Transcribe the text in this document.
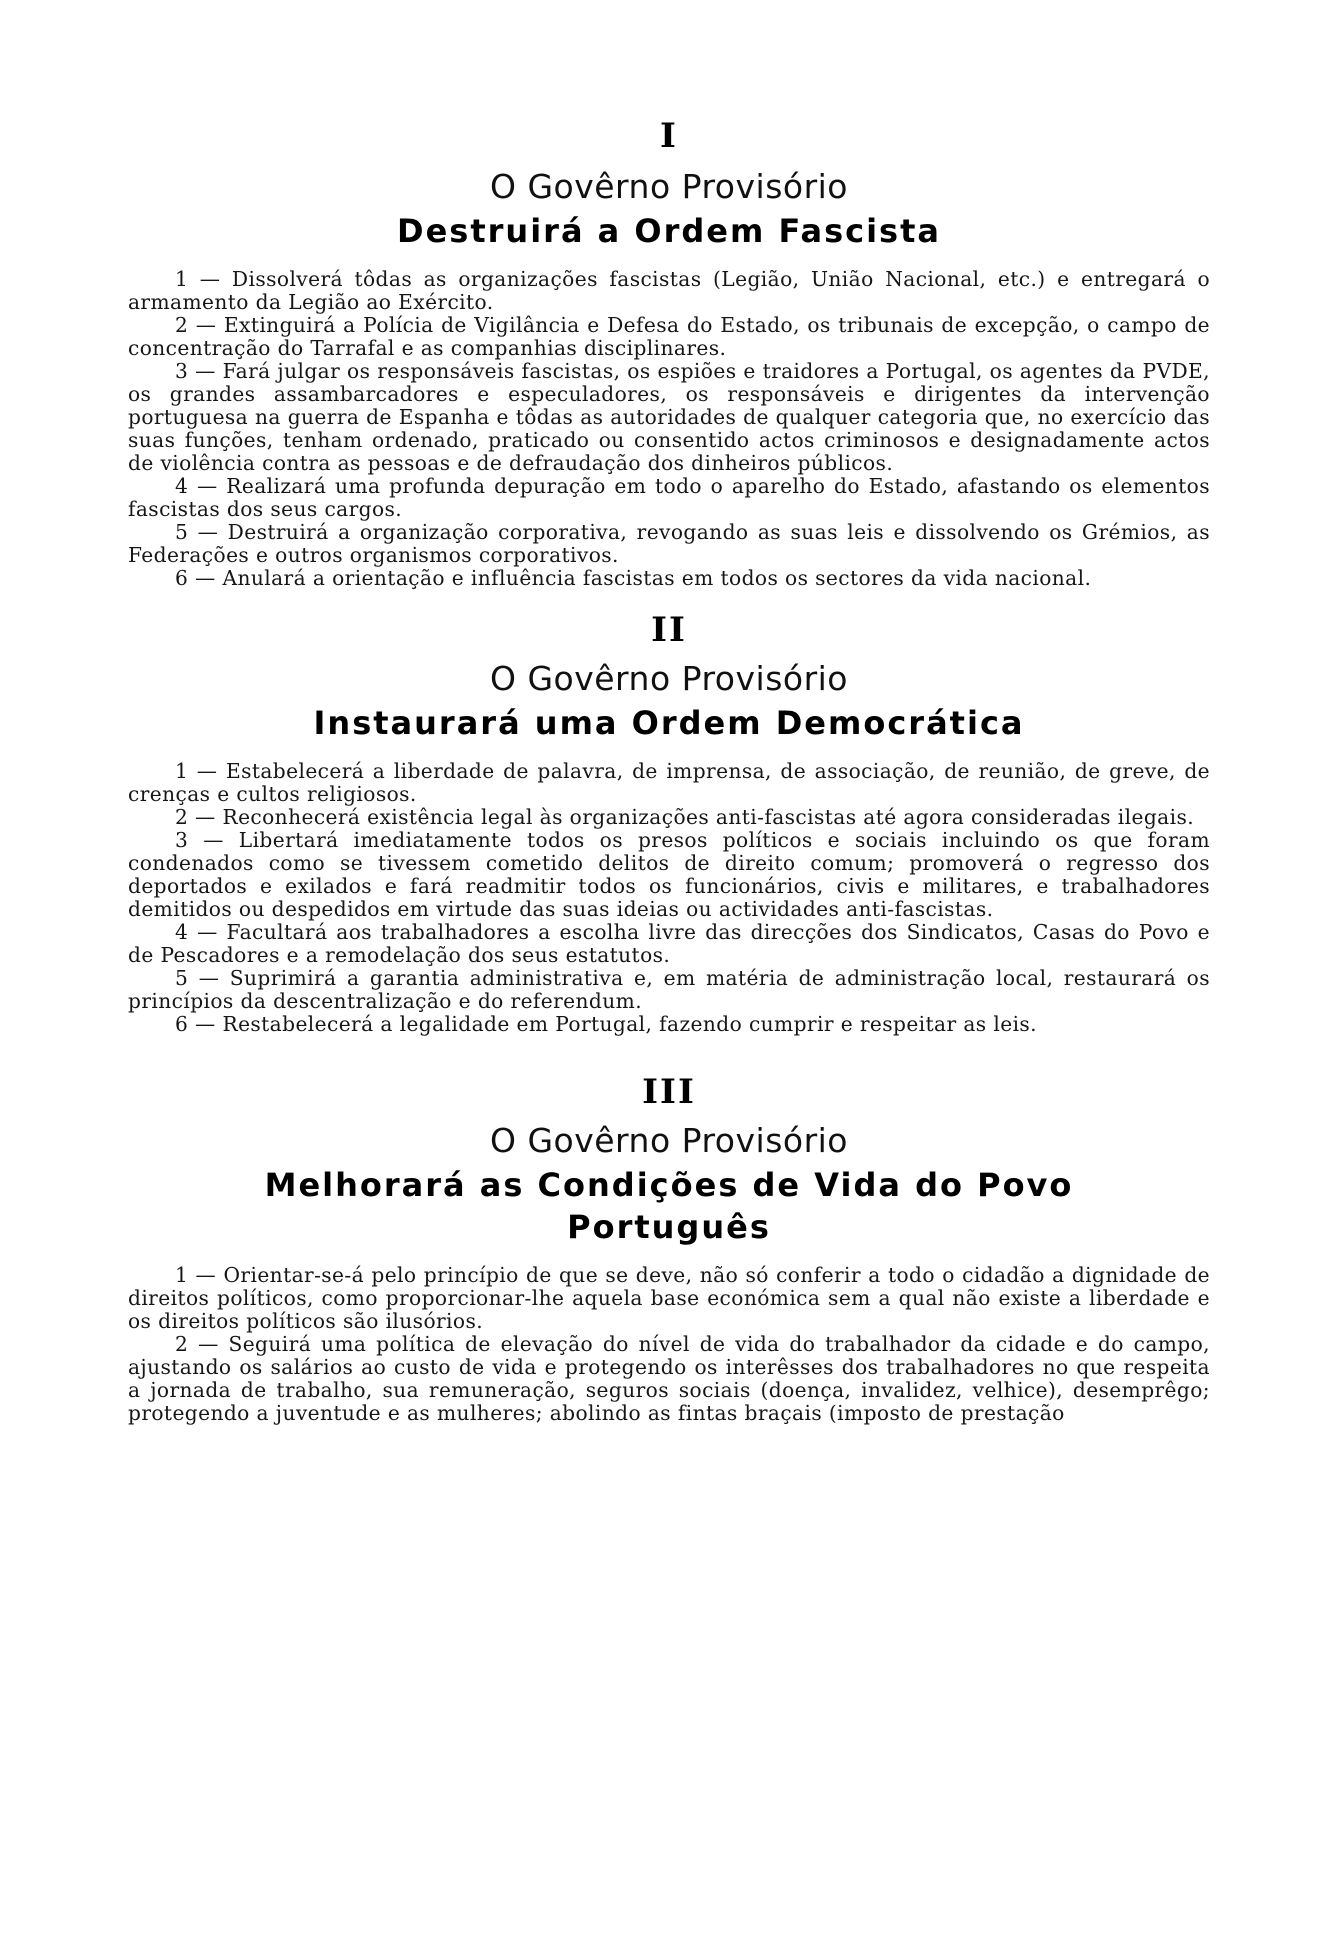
I
O Govêrno Provisório
Destruirá a Ordem Fascista

1 — Dissolverá tôdas as organizações fascistas (Legião, União Nacional, etc.) e entregará o armamento da Legião ao Exército.

2 — Extinguirá a Polícia de Vigilância e Defesa do Estado, os tribunais de excepção, o campo de concentração do Tarrafal e as companhias disciplinares.

3 — Fará julgar os responsáveis fascistas, os espiões e traidores a Portugal, os agentes da PVDE, os grandes assambarcadores e especuladores, os responsáveis e dirigentes da intervenção portuguesa na guerra de Espanha e tôdas as autoridades de qualquer categoria que, no exercício das suas funções, tenham ordenado, praticado ou consentido actos criminosos e designadamente actos de violência contra as pessoas e de defraudação dos dinheiros públicos.

4 — Realizará uma profunda depuração em todo o aparelho do Estado, afastando os elementos fascistas dos seus cargos.

5 — Destruirá a organização corporativa, revogando as suas leis e dissolvendo os Grémios, as Federações e outros organismos corporativos.

6 — Anulará a orientação e influência fascistas em todos os sectores da vida nacional.

II
O Govêrno Provisório
Instaurará uma Ordem Democrática

1 — Estabelecerá a liberdade de palavra, de imprensa, de associação, de reunião, de greve, de crenças e cultos religiosos.

2 — Reconhecerá existência legal às organizações anti-fascistas até agora consideradas ilegais.

3 — Libertará imediatamente todos os presos políticos e sociais incluindo os que foram condenados como se tivessem cometido delitos de direito comum; promoverá o regresso dos deportados e exilados e fará readmitir todos os funcionários, civis e militares, e trabalhadores demitidos ou despedidos em virtude das suas ideias ou actividades anti-fascistas.

4 — Facultará aos trabalhadores a escolha livre das direcções dos Sindicatos, Casas do Povo e de Pescadores e a remodelação dos seus estatutos.

5 — Suprimirá a garantia administrativa e, em matéria de administração local, restaurará os princípios da descentralização e do referendum.

6 — Restabelecerá a legalidade em Portugal, fazendo cumprir e respeitar as leis.

III
O Govêrno Provisório
Melhorará as Condições de Vida do Povo Português

1 — Orientar-se-á pelo princípio de que se deve, não só conferir a todo o cidadão a dignidade de direitos políticos, como proporcionar-lhe aquela base económica sem a qual não existe a liberdade e os direitos políticos são ilusórios.

2 — Seguirá uma política de elevação do nível de vida do trabalhador da cidade e do campo, ajustando os salários ao custo de vida e protegendo os interêsses dos trabalhadores no que respeita a jornada de trabalho, sua remuneração, seguros sociais (doença, invalidez, velhice), desemprêgo; protegendo a juventude e as mulheres; abolindo as fintas braçais (imposto de prestação
